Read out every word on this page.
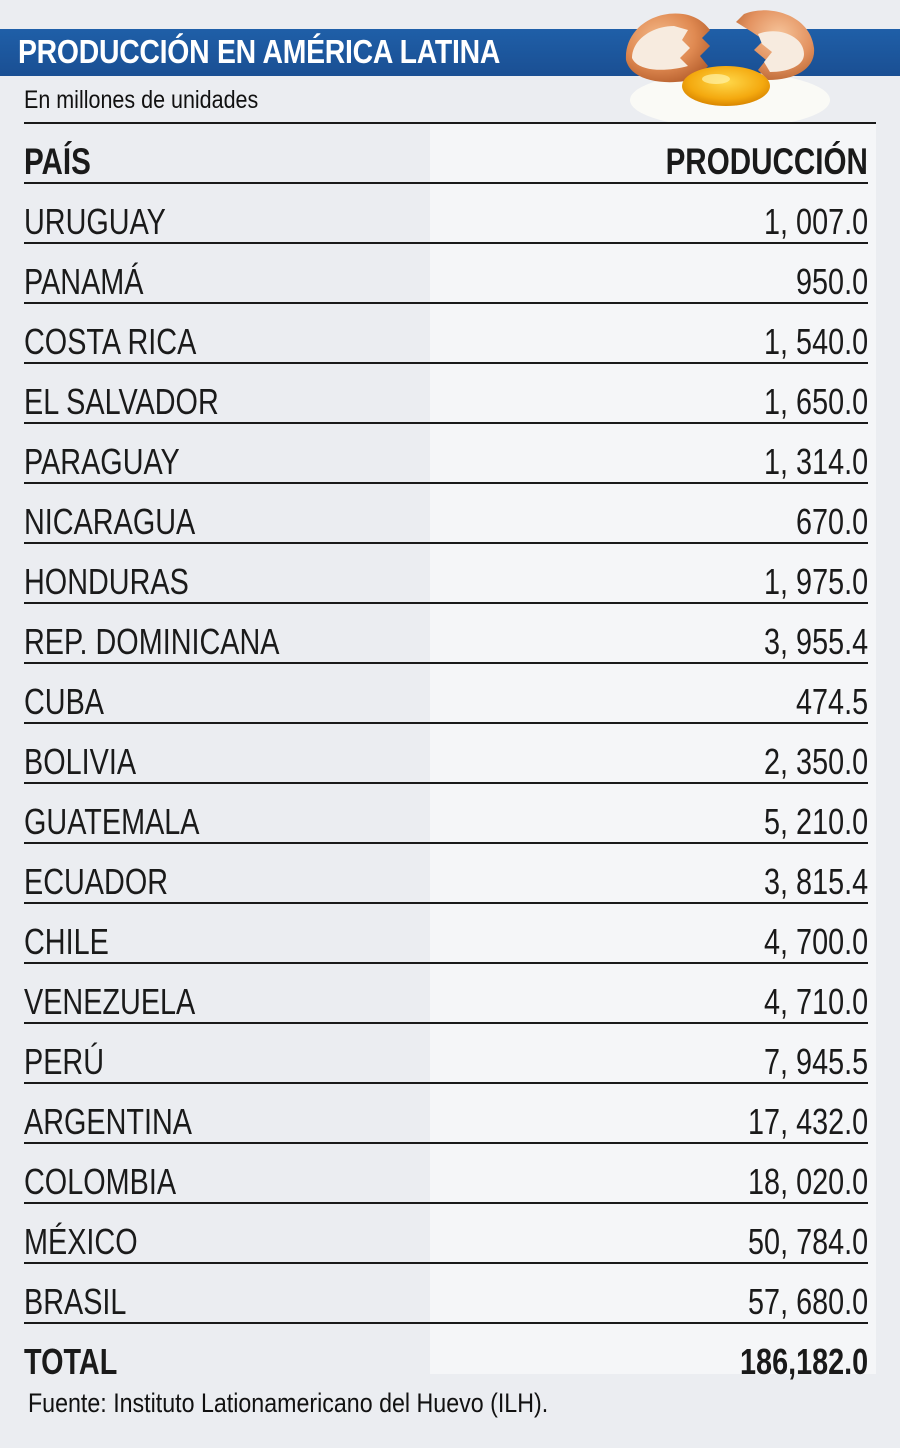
PRODUCCIÓN EN AMÉRICA LATINA
En millones de unidades
PAÍS	PRODUCCIÓN
URUGUAY	1, 007.0
PANAMÁ	950.0
COSTA RICA	1, 540.0
EL SALVADOR	1, 650.0
PARAGUAY	1, 314.0
NICARAGUA	670.0
HONDURAS	1, 975.0
REP. DOMINICANA	3, 955.4
CUBA	474.5
BOLIVIA	2, 350.0
GUATEMALA	5, 210.0
ECUADOR	3, 815.4
CHILE	4, 700.0
VENEZUELA	4, 710.0
PERÚ	7, 945.5
ARGENTINA	17, 432.0
COLOMBIA	18, 020.0
MÉXICO	50, 784.0
BRASIL	57, 680.0
TOTAL	186,182.0
Fuente: Instituto Lationamericano del Huevo (ILH).
